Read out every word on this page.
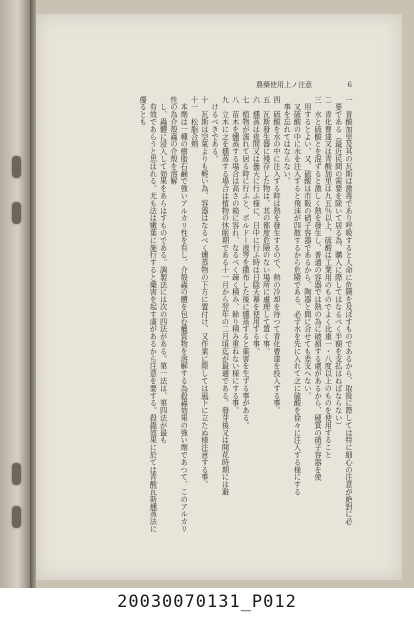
農藥使用上ノ注意	6

一　青酸加里及其の瓦斯は激毒であり呼吸すると人命に危険を及ぼすものであるから、取扱に際しては特に細心の注意が絶對に必

　要である（最近民間の需要を除いて居る為、購入に際してはなるべく半額を支払はねばならない）

二　青化曹達又は青酸加里は九五％以上、硫酸は工業用のものでよく比重一・八度以上のものを使用すること

三　水と硫酸とを混ずると激しく熱を發生し、普通の容器では熱の為に破損する處があるから、硬質の硝子容器を使

　用するとよい。又、硫酸は市販の硝子容器であるから、陶器と間に合せても差支へない。

　又硫酸の中に水を注入すると飛沫が四散するから危險である、必ず水を先に入れて之に硫酸を徐々に注入する様にする

　事を忘れてはならない。

四　硫酸を水の中に注入する時は熱を發生するので、熱の冷却を待つて青化曹達を投入する事。

五　瓦斯發生器に殘存した物は、其の都度危險のない場所に處理して置く事。

六　燻蒸は夜間又は曇天に行ふ様に、日中に行ふ時は日除天幕を使用する事。

七　植物が濡れて居る時に行ふと、ボルドー液等を撒布した後に燻蒸すると薬害を生ずる事がある。

八　苗木を燻蒸する場合は高さの箱に容れ、なるべく疎く積み、餘り積み重ねない様にする事。

九　立木に之を燻蒸する場合は植物の休眠期である十一月から翌年の二月頃迄が最適である。發芽後又は開花時期には避

　けるべきである。

十　瓦斯は空氣よりも輕い為、容器はなるべく燻蒸物の下方に置付け、又作業に際しては風下に立たぬ様注意する事。

十一　松脂合劑

　本劑は一種の樹脂石鹸で強いアルカリ性を有し、介殼蟲の體を包む蠟質物を溶解する為殺蟲効果の強い劑であつて、このアルカリ性の為介殼蟲の介殼を溶解

　し、蟲體に浸入して効果をあらはすものである。調製法には次の四法がある。第一法は、第四法が最も

　有效であらうと思はれる。尤も法は嫩葉に施行すると藥害を起す虞があるから注意を要する。殺蟲效果に於ては青酸瓦斯燻蒸法に優るとも

20030070131_P012
